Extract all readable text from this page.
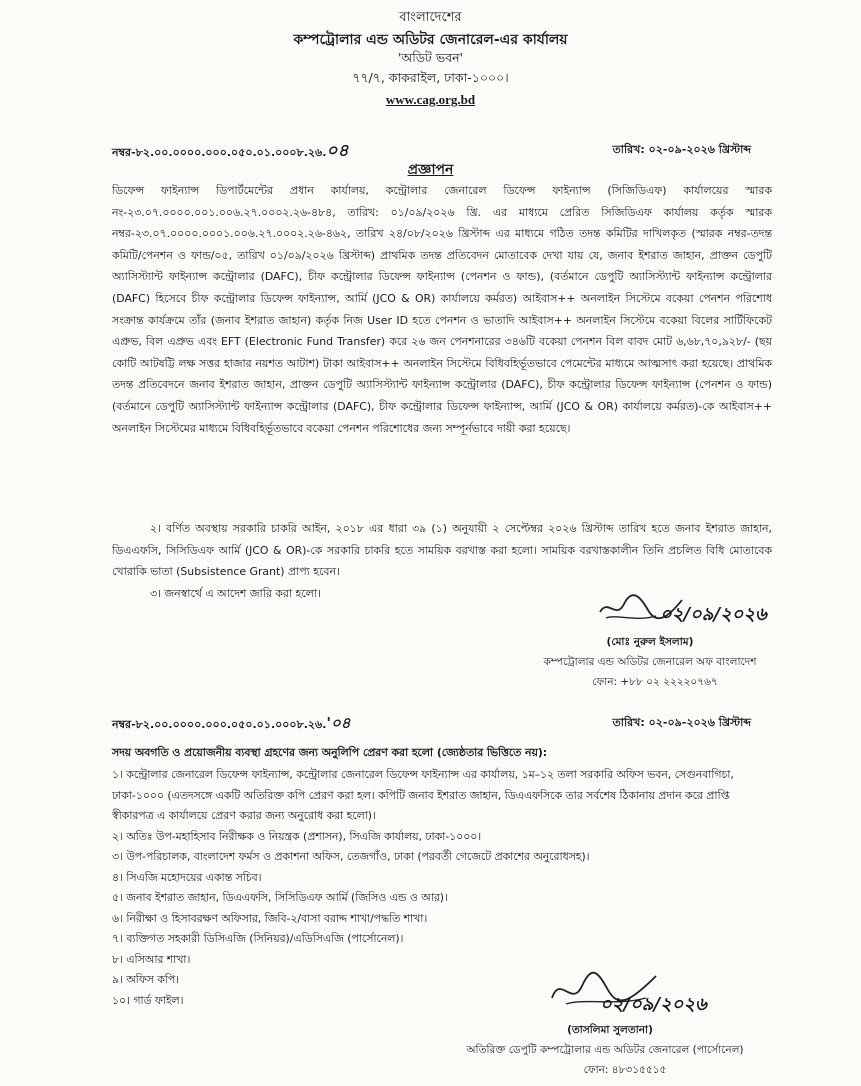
বাংলাদেশের
কম্পট্রোলার এন্ড অডিটর জেনারেল-এর কার্যালয়
'অডিট ভবন'
৭৭/৭, কাকরাইল, ঢাকা-১০০০।
www.cag.org.bd
নম্বর-৮২.০০.০০০০.০০০.০৫০.০১.০০০৮.২৬.০৪	তারিখ: ০২-০৯-২০২৬ খ্রিস্টাব্দ
প্রজ্ঞাপন

ডিফেন্স ফাইন্যান্স ডিপার্টমেন্টের প্রধান কার্যালয়, কন্ট্রোলার জেনারেল ডিফেন্স ফাইন্যান্স (সিজিডিএফ) কার্যালয়ের স্মারক নং-২৩.০৭.০০০০.০০১.০০৬.২৭.০০০২.২৬-৪৮৪, তারিখ: ০১/০৯/২০২৬ খ্রি. এর মাধ্যমে প্রেরিত সিজিডিএফ কার্যালয় কর্তৃক স্মারক নম্বর-২৩.০৭.০০০০.০০০১.০০৬.২৭.০০০২.২৬-৪৬২, তারিখ ২৪/০৮/২০২৬ খ্রিস্টাব্দ এর মাধ্যমে গঠিত তদন্ত কমিটির দাখিলকৃত (স্মারক নম্বর-তদন্ত কমিটি/পেনশন ও ফান্ড/০৫, তারিখ ০১/০৯/২০২৬ খ্রিস্টাব্দ) প্রাথমিক তদন্ত প্রতিবেদন মোতাবেক দেখা যায় যে, জনাব ইশরাত জাহান, প্রাক্তন ডেপুটি অ্যাসিস্ট্যান্ট ফাইন্যান্স কন্ট্রোলার (DAFC), চীফ কন্ট্রোলার ডিফেন্স ফাইন্যান্স (পেনশন ও ফান্ড), (বর্তমানে ডেপুটি অ্যাসিস্ট্যান্ট ফাইন্যান্স কন্ট্রোলার (DAFC) হিসেবে চীফ কন্ট্রোলার ডিফেন্স ফাইন্যান্স, আর্মি (JCO & OR) কার্যালয়ে কর্মরত) আইবাস++ অনলাইন সিস্টেমে বকেয়া পেনশন পরিশোধ সংক্রান্ত কার্যক্রমে তাঁর (জনাব ইশরাত জাহান) কর্তৃক নিজ User ID হতে পেনশন ও ভাতাদি আইবাস++ অনলাইন সিস্টেমে বকেয়া বিলের সার্টিফিকেট এপ্রুভ, বিল এপ্রুভ এবং EFT (Electronic Fund Transfer) করে ২৬ জন পেনশনারের ৩৪৬টি বকেয়া পেনশন বিল বাবদ মোট ৬,৬৮,৭০,৯২৮/- (ছয় কোটি আটষট্টি লক্ষ সত্তর হাজার নয়শত আটাশ) টাকা আইবাস++ অনলাইন সিস্টেমে বিধিবহির্ভূতভাবে পেমেন্টের মাধ্যমে আত্মসাৎ করা হয়েছে। প্রাথমিক তদন্ত প্রতিবেদনে জনাব ইশরাত জাহান, প্রাক্তন ডেপুটি অ্যাসিস্ট্যান্ট ফাইন্যান্স কন্ট্রোলার (DAFC), চীফ কন্ট্রোলার ডিফেন্স ফাইন্যান্স (পেনশন ও ফান্ড) (বর্তমানে ডেপুটি অ্যাসিস্ট্যান্ট ফাইন্যান্স কন্ট্রোলার (DAFC), চীফ কন্ট্রোলার ডিফেন্স ফাইন্যান্স, আর্মি (JCO & OR) কার্যালয়ে কর্মরত)-কে আইবাস++ অনলাইন সিস্টেমের মাধ্যমে বিধিবহির্ভূতভাবে বকেয়া পেনশন পরিশোধের জন্য সম্পূর্নভাবে দায়ী করা হয়েছে।

২। বর্ণিত অবস্থায় সরকারি চাকরি আইন, ২০১৮ এর ধারা ৩৯ (১) অনুযায়ী ২ সেপ্টেম্বর ২০২৬ খ্রিস্টাব্দ তারিখ হতে জনাব ইশরাত জাহান, ডিএএফসি, সিসিডিএফ আর্মি (JCO & OR)-কে সরকারি চাকরি হতে সাময়িক বরখাস্ত করা হলো। সাময়িক বরখাস্তকালীন তিনি প্রচলিত বিধি মোতাবেক খোরাকি ভাতা (Subsistence Grant) প্রাপ্য হবেন।

৩। জনস্বার্থে এ আদেশ জারি করা হলো।

০২/০৯/২০২৬
(মোঃ নুরুল ইসলাম)
কম্পট্রোলার এন্ড অডিটর জেনারেল অফ বাংলাদেশ
ফোন: +৮৮ ০২ ২২২২০৭৬৭
নম্বর-৮২.০০.০০০০.০০০.০৫০.০১.০০০৮.২৬.'০৪	তারিখ: ০২-০৯-২০২৬ খ্রিস্টাব্দ
সদয় অবগতি ও প্রয়োজনীয় ব্যবস্থা গ্রহণের জন্য অনুলিপি প্রেরণ করা হলো (জ্যেষ্ঠতার ভিত্তিতে নয়):
১। কন্ট্রোলার জেনারেল ডিফেন্স ফাইন্যান্স, কন্ট্রোলার জেনারেল ডিফেন্স ফাইন্যান্স এর কার্যালয়, ১ম–১২ তলা সরকারি অফিস ভবন, সেগুনবাগিচা, ঢাকা-১০০০ (এতদসঙ্গে একটি অতিরিক্ত কপি প্রেরণ করা হল। কপিটি জনাব ইশরাত জাহান, ডিএএফসিকে তার সর্বশেষ ঠিকানায় প্রদান করে প্রাপ্তি স্বীকারপত্র এ কার্যালয়ে প্রেরণ করার জন্য অনুরোধ করা হলো)।
২। অতিঃ উপ-মহাহিসাব নিরীক্ষক ও নিয়ন্ত্রক (প্রশাসন), সিএজি কার্যালয়, ঢাকা-১০০০।
৩। উপ-পরিচালক, বাংলাদেশ ফর্মস ও প্রকাশনা অফিস, তেজগাঁও, ঢাকা (পরবর্তী গেজেটে প্রকাশের অনুরোধসহ)।
৪। সিএজি মহোদয়ের একান্ত সচিব।
৫। জনাব ইশরাত জাহান, ডিএএফসি, সিসিডিএফ আর্মি (জিসিও এন্ড ও আর)।
৬। নিরীক্ষা ও হিসাবরক্ষণ অফিসার, জিবি-২/বাসা বরাদ্দ শাখা/পদ্ধতি শাখা।
৭। ব্যক্তিগত সহকারী ডিসিএজি (সিনিয়র)/এডিসিএজি (পার্সোনেল)।
৮। এসিআর শাখা।
৯। অফিস কপি।
১০। গার্ড ফাইল।	০২/০৯/২০২৬
(তাসলিমা সুলতানা)
অতিরিক্ত ডেপুটি কম্পট্রোলার এন্ড অডিটর জেনারেল (পার্সোনেল)
ফোন: ৪৮৩১৫৫১৫
